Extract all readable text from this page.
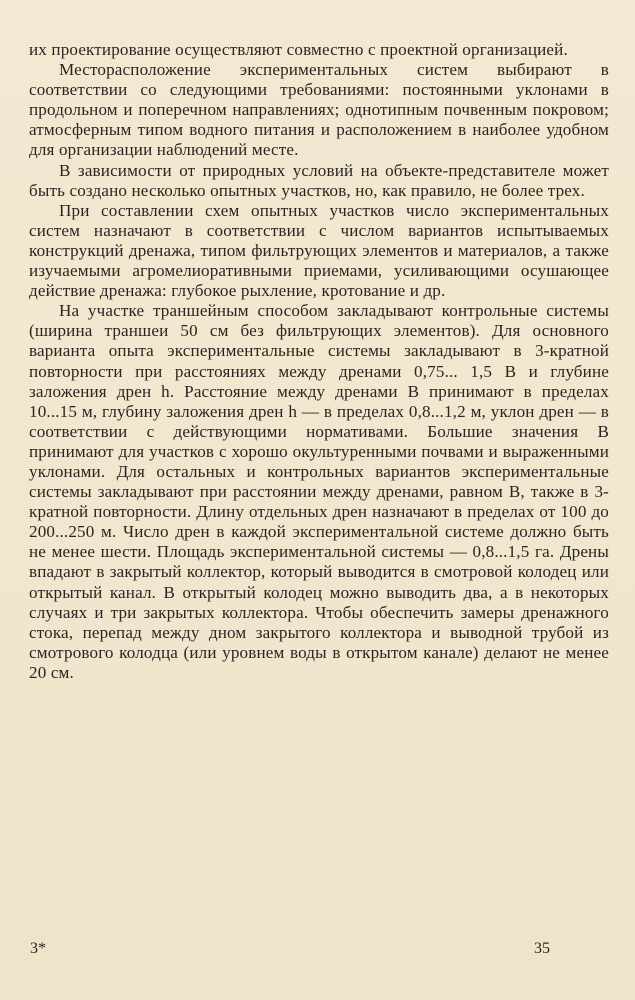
их проектирование осуществляют совместно с проектной организацией.

Месторасположение экспериментальных систем выбирают в соответствии со следующими требованиями: постоянными уклонами в продольном и поперечном направлениях; однотипным почвенным покровом; атмосферным типом водного питания и расположением в наиболее удобном для организации наблюдений месте.

В зависимости от природных условий на объекте-представителе может быть создано несколько опытных участков, но, как правило, не более трех.

При составлении схем опытных участков число экспериментальных систем назначают в соответствии с числом вариантов испытываемых конструкций дренажа, типом фильтрующих элементов и материалов, а также изучаемыми агромелиоративными приемами, усиливающими осушающее действие дренажа: глубокое рыхление, кротование и др.

На участке траншейным способом закладывают контрольные системы (ширина траншеи 50 см без фильтрующих элементов). Для основного варианта опыта экспериментальные системы закладывают в 3-кратной повторности при расстояниях между дренами 0,75... 1,5 B и глубине заложения дрен h. Расстояние между дренами B принимают в пределах 10...15 м, глубину заложения дрен h — в пределах 0,8...1,2 м, уклон дрен — в соответствии с действующими нормативами. Большие значения B принимают для участков с хорошо окультуренными почвами и выраженными уклонами. Для остальных и контрольных вариантов экспериментальные системы закладывают при расстоянии между дренами, равном B, также в 3-кратной повторности. Длину отдельных дрен назначают в пределах от 100 до 200...250 м. Число дрен в каждой экспериментальной системе должно быть не менее шести. Площадь экспериментальной системы — 0,8...1,5 га. Дрены впадают в закрытый коллектор, который выводится в смотровой колодец или открытый канал. В открытый колодец можно выводить два, а в некоторых случаях и три закрытых коллектора. Чтобы обеспечить замеры дренажного стока, перепад между дном закрытого коллектора и выводной трубой из смотрового колодца (или уровнем воды в открытом канале) делают не менее 20 см.

3*	35
